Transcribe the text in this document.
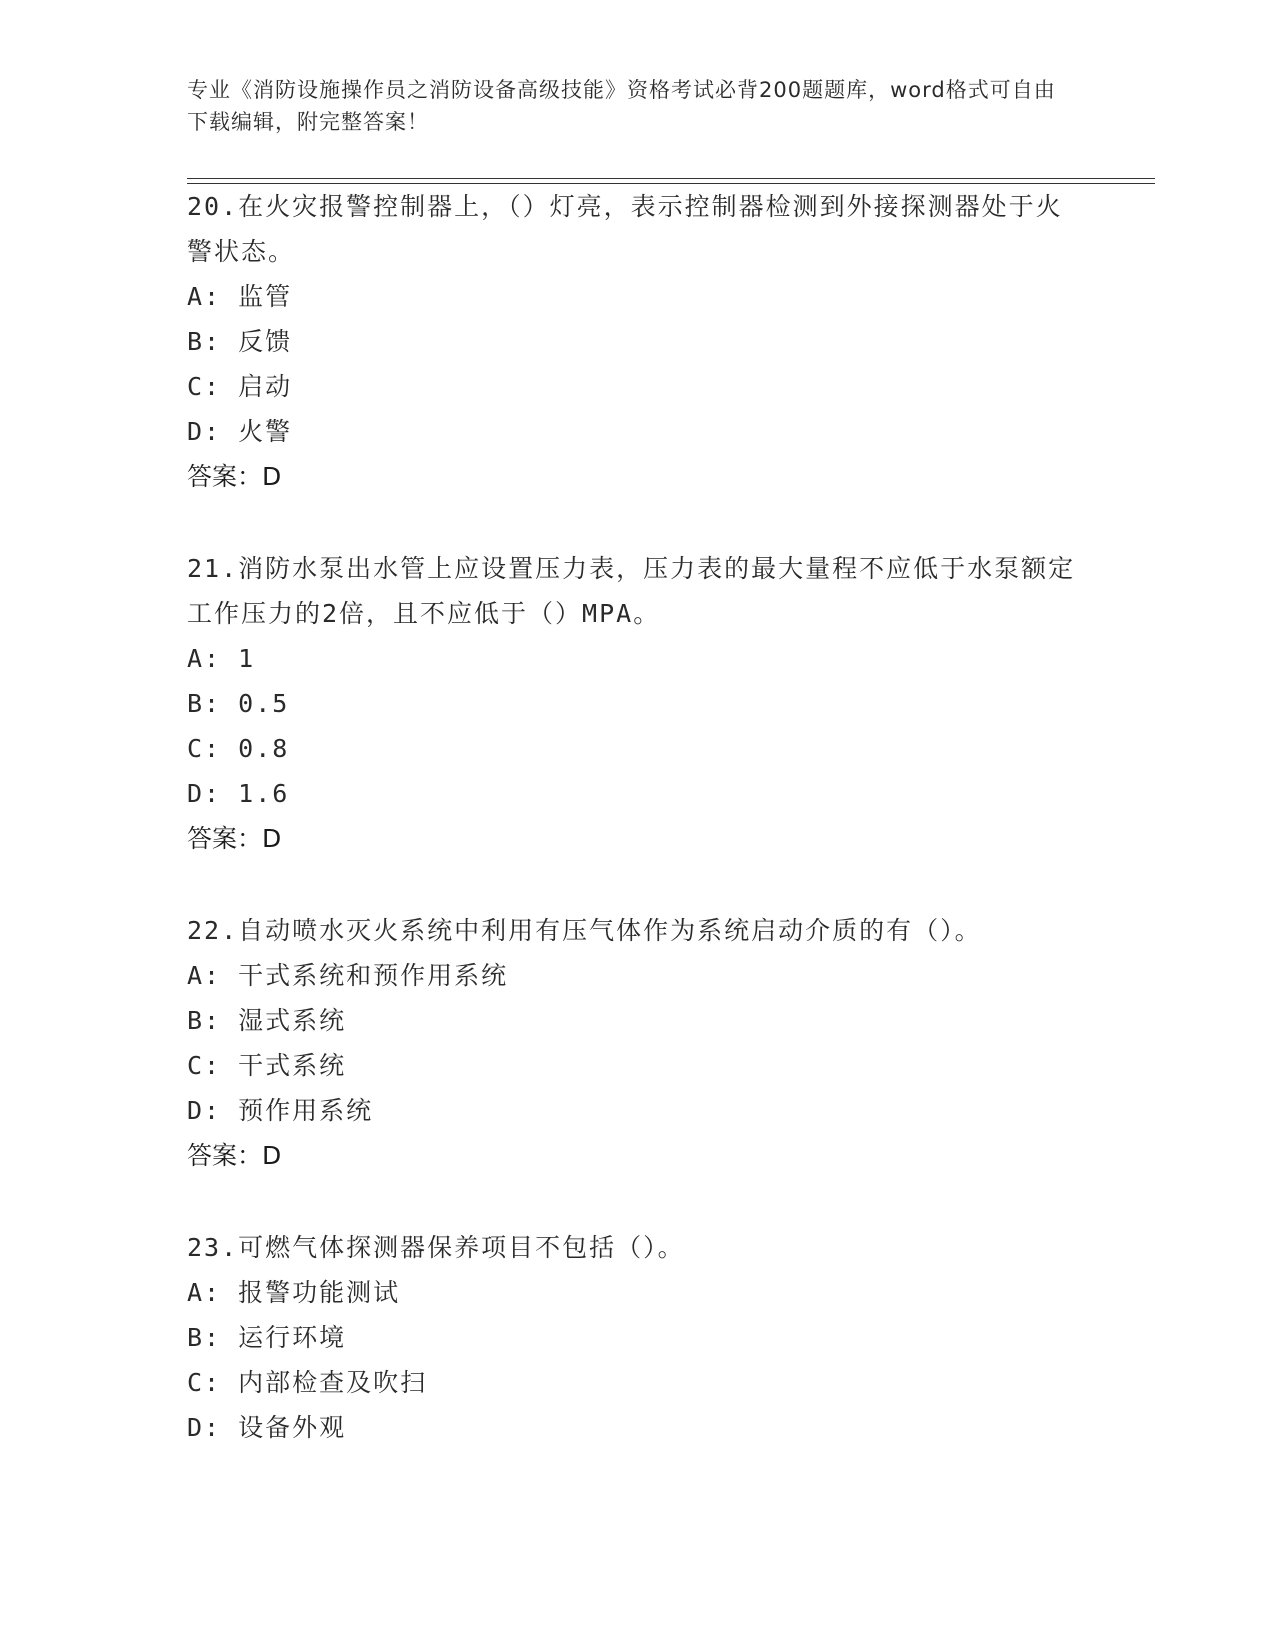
专业《消防设施操作员之消防设备高级技能》资格考试必背200题题库，word格式可自由下载编辑，附完整答案！

20.在火灾报警控制器上，（）灯亮，表示控制器检测到外接探测器处于火警状态。

A: 监管

B: 反馈

C: 启动

D: 火警

答案：D

21.消防水泵出水管上应设置压力表，压力表的最大量程不应低于水泵额定工作压力的2倍，且不应低于（）MPA。

A: 1

B: 0.5

C: 0.8

D: 1.6

答案：D

22.自动喷水灭火系统中利用有压气体作为系统启动介质的有（）。

A: 干式系统和预作用系统

B: 湿式系统

C: 干式系统

D: 预作用系统

答案：D

23.可燃气体探测器保养项目不包括（）。

A: 报警功能测试

B: 运行环境

C: 内部检查及吹扫

D: 设备外观
